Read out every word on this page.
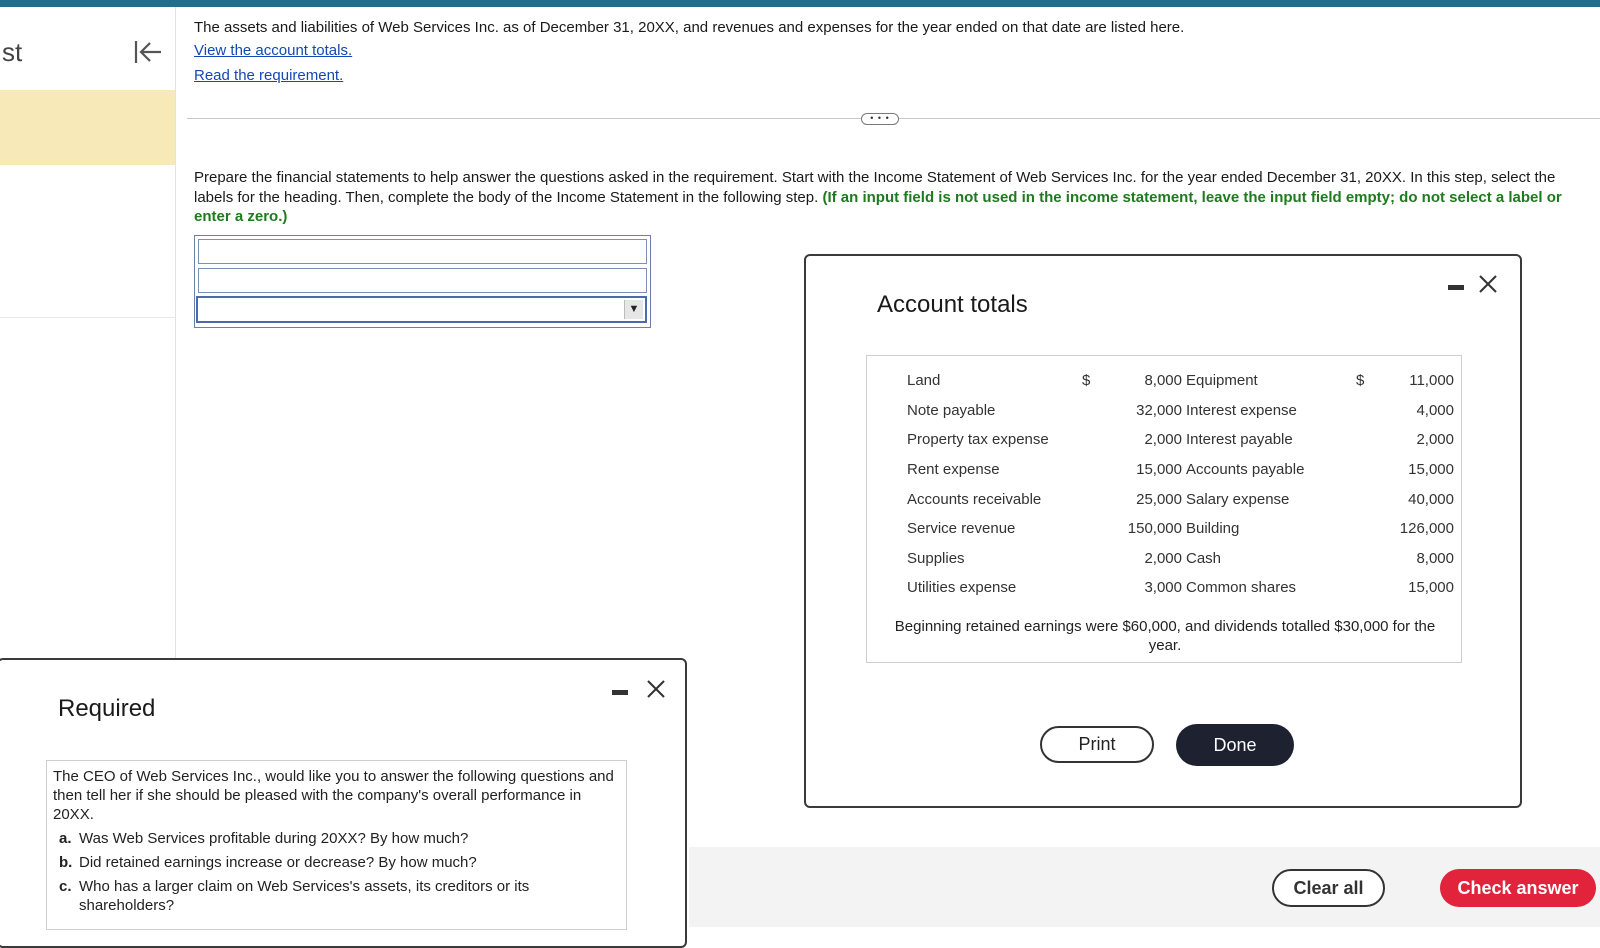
st
The assets and liabilities of Web Services Inc. as of December 31, 20XX, and revenues and expenses for the year ended on that date are listed here.
View the account totals.
Read the requirement.
• • •
Prepare the financial statements to help answer the questions asked in the requirement. Start with the Income Statement of Web Services Inc. for the year ended December 31, 20XX. In this step, select the labels for the heading. Then, complete the body of the Income Statement in the following step. (If an input field is not used in the income statement, leave the input field empty; do not select a label or enter a zero.)
▼	Account totals
Land	$	8,000	Equipment	$	11,000
Note payable		32,000	Interest expense		4,000
Property tax expense		2,000	Interest payable		2,000
Rent expense		15,000	Accounts payable		15,000
Accounts receivable		25,000	Salary expense		40,000
Service revenue		150,000	Building		126,000
Supplies		2,000	Cash		8,000
Utilities expense		3,000	Common shares		15,000
Beginning retained earnings were $60,000, and dividends totalled $30,000 for the year.
Print	Done
Required
The CEO of Web Services Inc., would like you to answer the following questions and then tell her if she should be pleased with the company's overall performance in 20XX.
a. Was Web Services profitable during 20XX? By how much?
b. Did retained earnings increase or decrease? By how much?
c. Who has a larger claim on Web Services's assets, its creditors or its shareholders?
Clear all	Check answer
